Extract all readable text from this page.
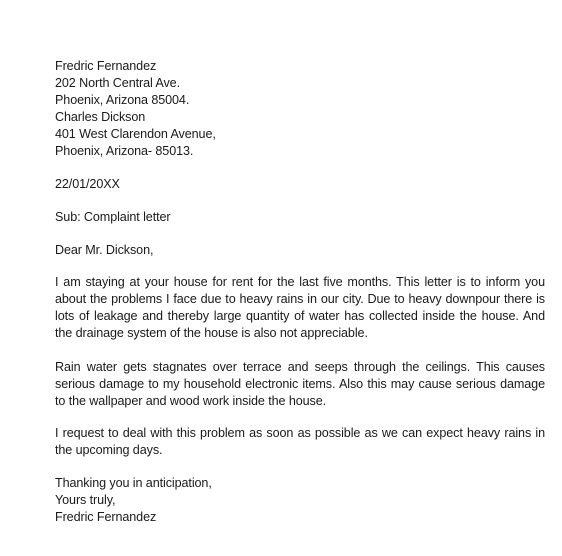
Fredric Fernandez
202 North Central Ave.
Phoenix, Arizona 85004.
Charles Dickson
401 West Clarendon Avenue,
Phoenix, Arizona- 85013.
22/01/20XX
Sub: Complaint letter
Dear Mr. Dickson,
I am staying at your house for rent for the last five months. This letter is to inform you about the problems I face due to heavy rains in our city. Due to heavy downpour there is lots of leakage and thereby large quantity of water has collected inside the house. And the drainage system of the house is also not appreciable.
Rain water gets stagnates over terrace and seeps through the ceilings. This causes serious damage to my household electronic items. Also this may cause serious damage to the wallpaper and wood work inside the house.
I request to deal with this problem as soon as possible as we can expect heavy rains in the upcoming days.
Thanking you in anticipation,
Yours truly,
Fredric Fernandez
